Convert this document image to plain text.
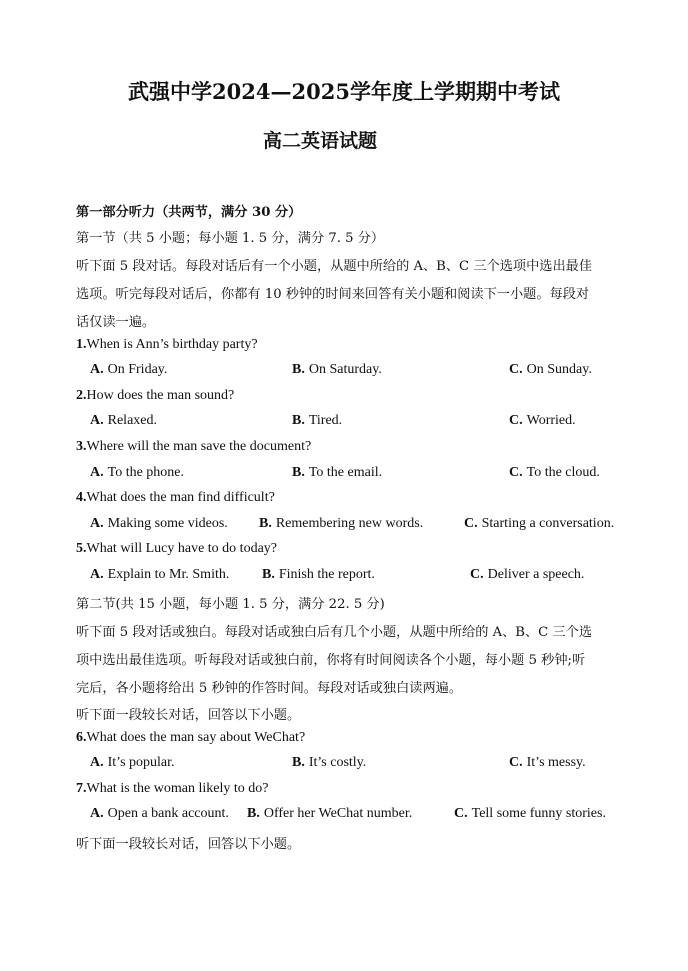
武强中学2024—2025学年度上学期期中考试
高二英语试题
第一部分听力（共两节，满分 30 分）
第一节（共 5 小题；每小题 1. 5 分，满分 7. 5 分）
听下面 5 段对话。每段对话后有一个小题，从题中所给的 A、B、C 三个选项中选出最佳
选项。听完每段对话后，你都有 10 秒钟的时间来回答有关小题和阅读下一小题。每段对
话仅读一遍。
1.When is Ann’s birthday party?
A. On Friday.	B. On Saturday.	C. On Sunday.
2.How does the man sound?
A. Relaxed.	B. Tired.	C. Worried.
3.Where will the man save the document?
A. To the phone.	B. To the email.	C. To the cloud.
4.What does the man find difficult?
A. Making some videos. B. Remembering new words.	C. Starting a conversation.
5.What will Lucy have to do today?
A. Explain to Mr. Smith. B. Finish the report.	C. Deliver a speech.
第二节(共 15 小题，每小题 1. 5 分，满分 22. 5 分)
听下面 5 段对话或独白。每段对话或独白后有几个小题，从题中所给的 A、B、C 三个选
项中选出最佳选项。听每段对话或独白前，你将有时间阅读各个小题，每小题 5 秒钟;听
完后，各小题将给出 5 秒钟的作答时间。每段对话或独白读两遍。
听下面一段较长对话，回答以下小题。
6.What does the man say about WeChat?
A. It’s popular.	B. It’s costly.	C. It’s messy.
7.What is the woman likely to do?
A. Open a bank account. B. Offer her WeChat number.	C. Tell some funny stories.
听下面一段较长对话，回答以下小题。
